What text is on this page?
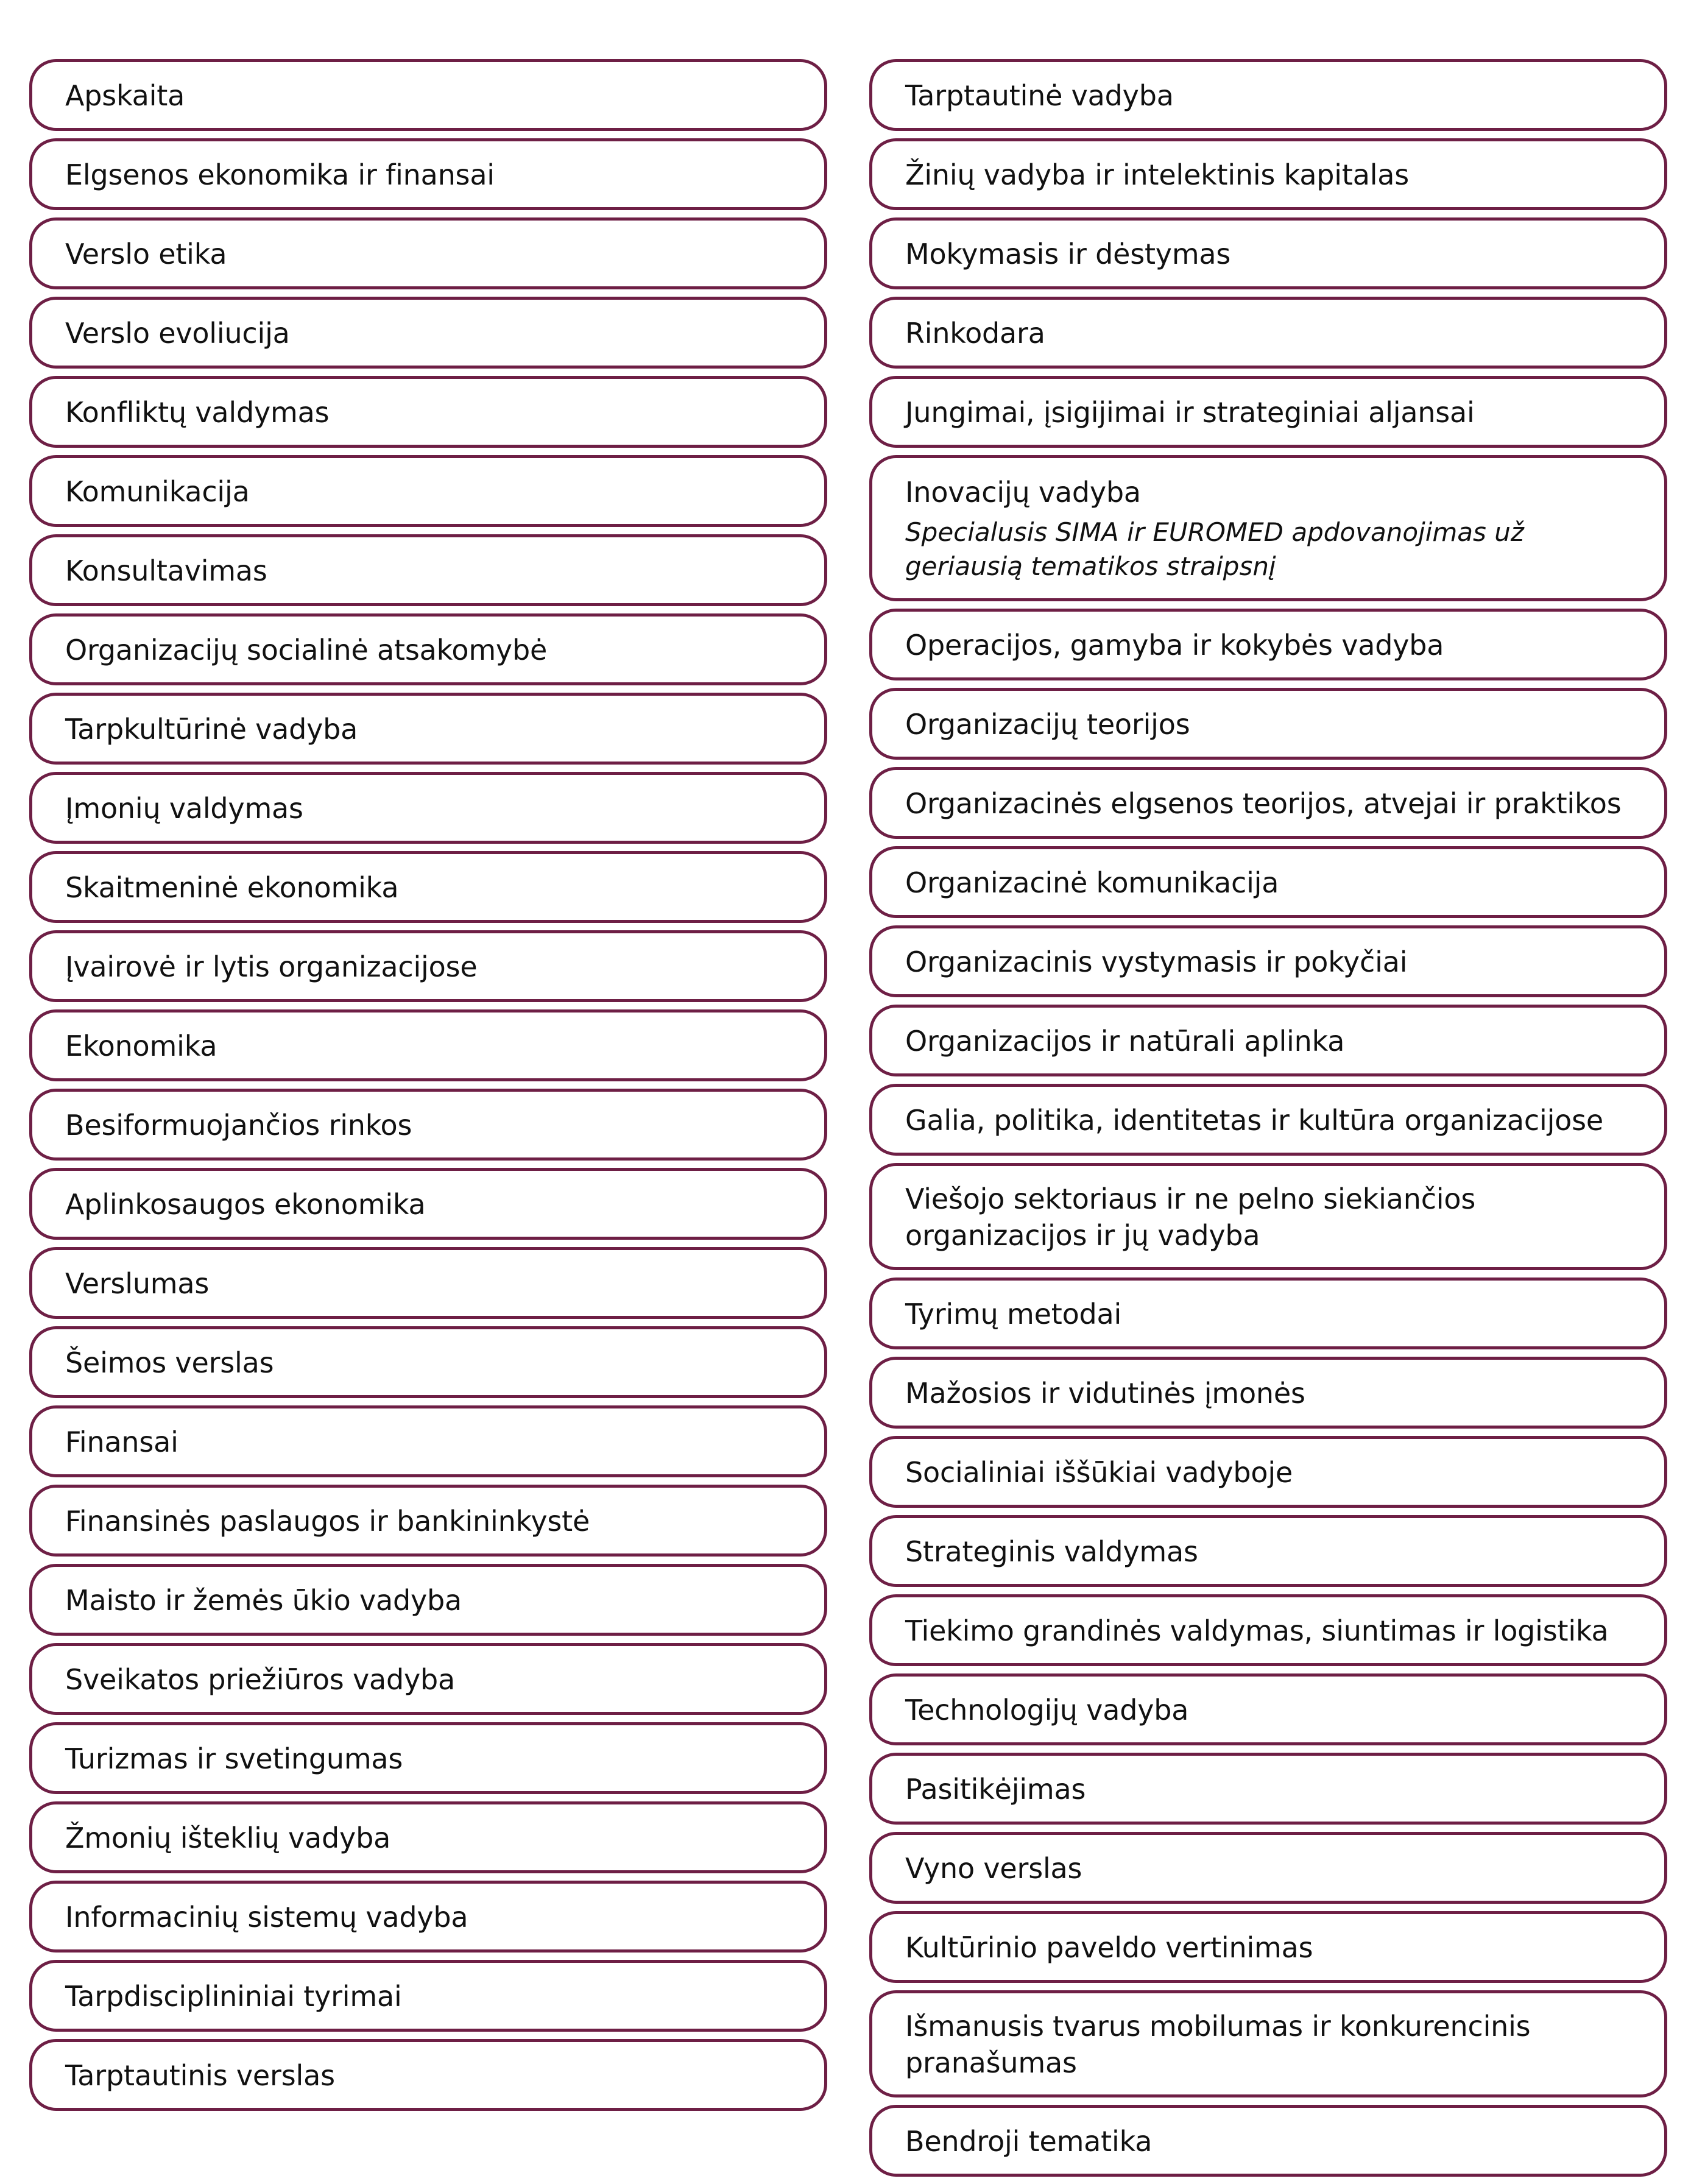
Apskaita
Elgsenos ekonomika ir finansai
Verslo etika
Verslo evoliucija
Konfliktų valdymas
Komunikacija
Konsultavimas
Organizacijų socialinė atsakomybė
Tarpkultūrinė vadyba
Įmonių valdymas
Skaitmeninė ekonomika
Įvairovė ir lytis organizacijose
Ekonomika
Besiformuojančios rinkos
Aplinkosaugos ekonomika
Verslumas
Šeimos verslas
Finansai
Finansinės paslaugos ir bankininkystė
Maisto ir žemės ūkio vadyba
Sveikatos priežiūros vadyba
Turizmas ir svetingumas
Žmonių išteklių vadyba
Informacinių sistemų vadyba
Tarpdisciplininiai tyrimai
Tarptautinis verslas
Tarptautinė vadyba
Žinių vadyba ir intelektinis kapitalas
Mokymasis ir dėstymas
Rinkodara
Jungimai, įsigijimai ir strateginiai aljansai
Inovacijų vadyba
Specialusis SIMA ir EUROMED apdovanojimas už geriausią tematikos straipsnį
Operacijos, gamyba ir kokybės vadyba
Organizacijų teorijos
Organizacinės elgsenos teorijos, atvejai ir praktikos
Organizacinė komunikacija
Organizacinis vystymasis ir pokyčiai
Organizacijos ir natūrali aplinka
Galia, politika, identitetas ir kultūra organizacijose
Viešojo sektoriaus ir ne pelno siekiančios organizacijos ir jų vadyba
Tyrimų metodai
Mažosios ir vidutinės įmonės
Socialiniai iššūkiai vadyboje
Strateginis valdymas
Tiekimo grandinės valdymas, siuntimas ir logistika
Technologijų vadyba
Pasitikėjimas
Vyno verslas
Kultūrinio paveldo vertinimas
Išmanusis tvarus mobilumas ir konkurencinis pranašumas
Bendroji tematika
